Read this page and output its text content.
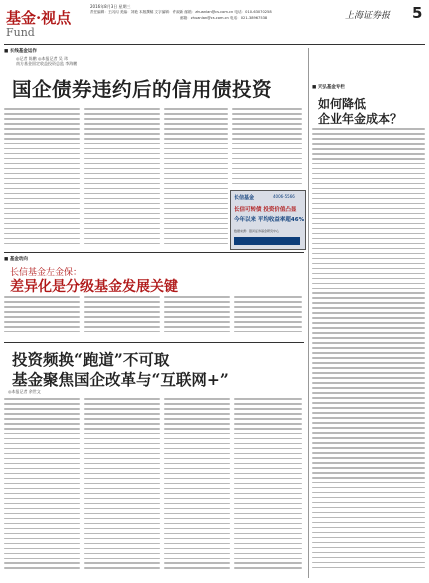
基金·视点
Fund
2016年8月3日 星期三
责任编辑：王闪闪 美编：刘艳 本版撰稿 文字编辑：许淑新 邮箱：zhuanlan@cs.com.cn 电话：010-63070258
邮箱：zhuanlan@cs.com.cn 电话：021-38967538	上海证券报 5
■ 长线基金运作
◎记者 陈鹏 ◎本报记者 吴 玮
南方基金固定收益投资总监 李海鹏
国企债券违约后的信用债投资
长信基金	4006-5566
长信可转债 投资价值凸显
今年以来 平均收益率超46%
数据来源：银河证券基金研究中心
■ 基金动向
长信基金左金保：
差异化是分级基金发展关键
投资频换“跑道”不可取
基金聚焦国企改革与“互联网+”
◎本报记者 余世文
■ 天弘基金专栏
如何降低
企业年金成本？
